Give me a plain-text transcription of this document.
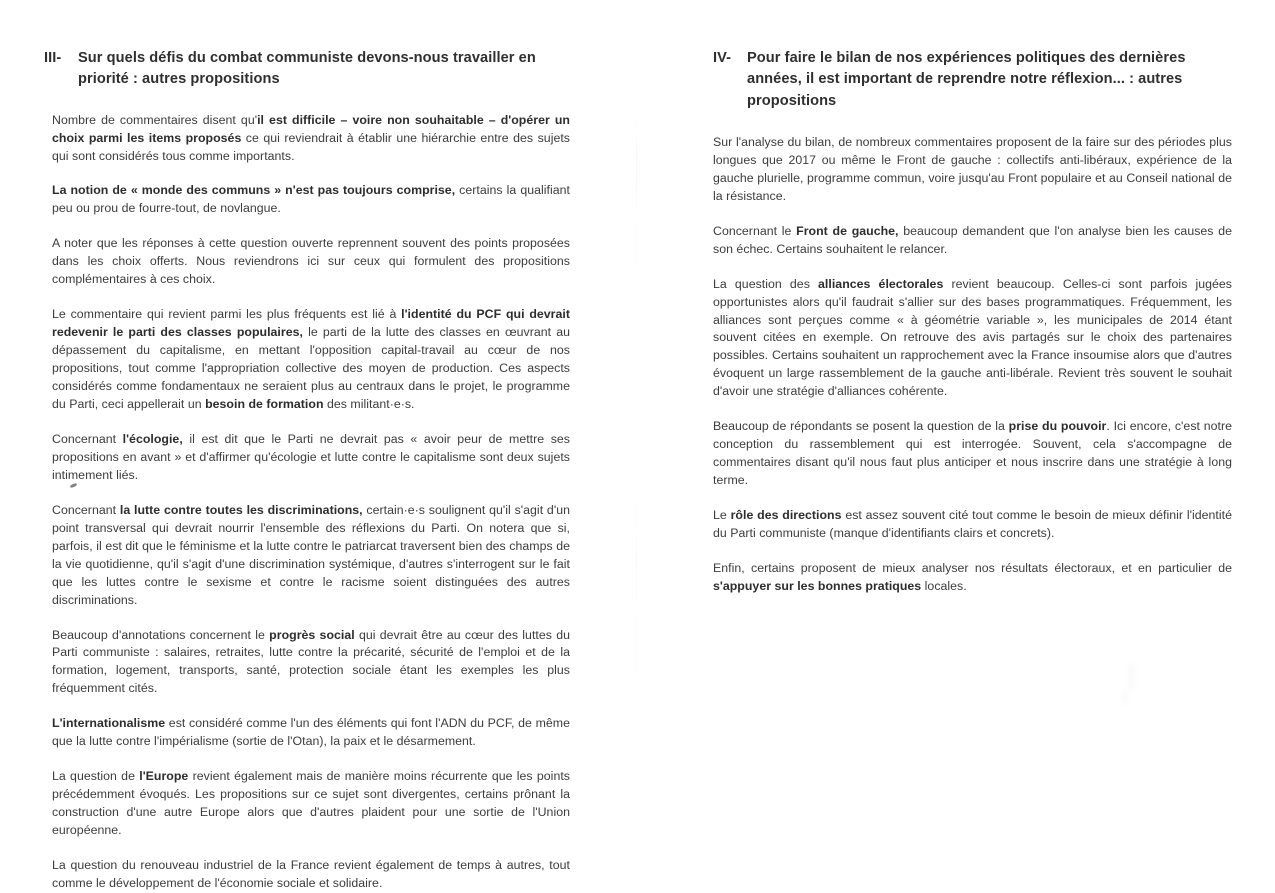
III-	Sur quels défis du combat communiste devons-nous travailler en priorité : autres propositions

Nombre de commentaires disent qu'il est difficile – voire non souhaitable – d'opérer un choix parmi les items proposés ce qui reviendrait à établir une hiérarchie entre des sujets qui sont considérés tous comme importants.

La notion de « monde des communs » n'est pas toujours comprise, certains la qualifiant peu ou prou de fourre-tout, de novlangue.

A noter que les réponses à cette question ouverte reprennent souvent des points proposées dans les choix offerts. Nous reviendrons ici sur ceux qui formulent des propositions complémentaires à ces choix.

Le commentaire qui revient parmi les plus fréquents est lié à l'identité du PCF qui devrait redevenir le parti des classes populaires, le parti de la lutte des classes en œuvrant au dépassement du capitalisme, en mettant l'opposition capital-travail au cœur de nos propositions, tout comme l'appropriation collective des moyen de production. Ces aspects considérés comme fondamentaux ne seraient plus au centraux dans le projet, le programme du Parti, ceci appellerait un besoin de formation des militant·e·s.

Concernant l'écologie, il est dit que le Parti ne devrait pas « avoir peur de mettre ses propositions en avant » et d'affirmer qu'écologie et lutte contre le capitalisme sont deux sujets intimement liés.

Concernant la lutte contre toutes les discriminations, certain·e·s soulignent qu'il s'agit d'un point transversal qui devrait nourrir l'ensemble des réflexions du Parti. On notera que si, parfois, il est dit que le féminisme et la lutte contre le patriarcat traversent bien des champs de la vie quotidienne, qu'il s'agit d'une discrimination systémique, d'autres s'interrogent sur le fait que les luttes contre le sexisme et contre le racisme soient distinguées des autres discriminations.

Beaucoup d'annotations concernent le progrès social qui devrait être au cœur des luttes du Parti communiste : salaires, retraites, lutte contre la précarité, sécurité de l'emploi et de la formation, logement, transports, santé, protection sociale étant les exemples les plus fréquemment cités.

L'internationalisme est considéré comme l'un des éléments qui font l'ADN du PCF, de même que la lutte contre l'impérialisme (sortie de l'Otan), la paix et le désarmement.

La question de l'Europe revient également mais de manière moins récurrente que les points précédemment évoqués. Les propositions sur ce sujet sont divergentes, certains prônant la construction d'une autre Europe alors que d'autres plaident pour une sortie de l'Union européenne.

La question du renouveau industriel de la France revient également de temps à autres, tout comme le développement de l'économie sociale et solidaire.

IV-	Pour faire le bilan de nos expériences politiques des dernières années, il est important de reprendre notre réflexion... : autres propositions

Sur l'analyse du bilan, de nombreux commentaires proposent de la faire sur des périodes plus longues que 2017 ou même le Front de gauche : collectifs anti-libéraux, expérience de la gauche plurielle, programme commun, voire jusqu'au Front populaire et au Conseil national de la résistance.

Concernant le Front de gauche, beaucoup demandent que l'on analyse bien les causes de son échec. Certains souhaitent le relancer.

La question des alliances électorales revient beaucoup. Celles-ci sont parfois jugées opportunistes alors qu'il faudrait s'allier sur des bases programmatiques. Fréquemment, les alliances sont perçues comme « à géométrie variable », les municipales de 2014 étant souvent citées en exemple. On retrouve des avis partagés sur le choix des partenaires possibles. Certains souhaitent un rapprochement avec la France insoumise alors que d'autres évoquent un large rassemblement de la gauche anti-libérale. Revient très souvent le souhait d'avoir une stratégie d'alliances cohérente.

Beaucoup de répondants se posent la question de la prise du pouvoir. Ici encore, c'est notre conception du rassemblement qui est interrogée. Souvent, cela s'accompagne de commentaires disant qu'il nous faut plus anticiper et nous inscrire dans une stratégie à long terme.

Le rôle des directions est assez souvent cité tout comme le besoin de mieux définir l'identité du Parti communiste (manque d'identifiants clairs et concrets).

Enfin, certains proposent de mieux analyser nos résultats électoraux, et en particulier de s'appuyer sur les bonnes pratiques locales.
